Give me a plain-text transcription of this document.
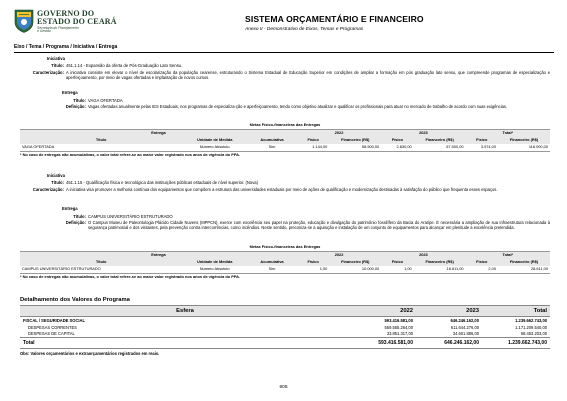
GOVERNO DO
ESTADO DO CEARÁ
Secretaria do Planejamento
e Gestão
SISTEMA ORÇAMENTÁRIO E FINANCEIRO
Anexo II - Demonstrativo de Eixos, Temas e Programas
Eixo / Tema / Programa / Iniciativa / Entrega
Iniciativa
Título: 451.1.14 - Expansão da oferta de Pós-Graduação Lato Sensu.
Caracterização: A iniciativa consiste em elevar o nível de escolarização da população cearense, estruturando o Sistema Estadual de Educação Superior em condições de ampliar a formação em pós graduação lato sensu, que compreende programas de especialização e aperfeiçoamento, por meio de vagas ofertadas e implantação de novos cursos.
Entrega
Título: VAGA OFERTADA
Definição: Vagas ofertadas anualmente pelas IES Estaduais, nos programas de especializa-ção e aperfeiçoamento, tendo como objetivo atualizar e qualificar os profissionais para atuar no mercado de trabalho de acordo com suas exigências.
Metas Físico-financeiras das Entregas
Entrega			2022		2023		Total*	
Título	Unidade de Medida	Acumulativa	Físico	Financeiro (R$)	Físico	Financeiro (R$)	Físico	Financeiro (R$)
VAGA OFERTADA	Numero Absoluto	Sim	1.144,00	58.500,00	2.830,00	57.500,00	3.974,00	116.000,00
* No caso de entregas não acumulativas, o valor total refere-se ao maior valor registrado nos anos de vigência do PPA.
Iniciativa
Título: 451.1.15 - Qualificação física e tecnológica das instituições públicas estaduais de nível superior. (Nova)
Caracterização: A iniciativa visa promover a melhoria contínua dos equipamentos que compõem a estrutura das universidades estaduais por meio de ações de qualificação e modernização destinadas à satisfação do público que frequenta esses espaços.
Entrega
Título: CAMPUS UNIVERSITÁRIO ESTRUTURADO
Definição: O Campus Museu de Paleontologia Plácido Cidade Nuvens (MPPCN), exerce com excelência seu papel na proteção, educação e divulgação do patrimônio fossilífero da Bacia do Araripe. É necessária a ampliação de sua infraestrutura relacionada à segurança patrimonial e dos visitantes, pela prevenção contra intercorrências, como incêndios. Neste sentido, preconiza-se a aquisição e instalação de um conjunto de equipamentos para alcançar em plenitude a excelência pretendida.
Metas Físico-financeiras das Entregas
Entrega			2022		2023		Total*	
Título	Unidade de Medida	Acumulativa	Físico	Financeiro (R$)	Físico	Financeiro (R$)	Físico	Financeiro (R$)
CAMPUS UNIVERSITÁRIO ESTRUTURADO	Numero Absoluto	Sim	1,00	10.000,00	1,00	18.611,00	2,00	28.611,00
* No caso de entregas não acumulativas, o valor total refere-se ao maior valor registrado nos anos de vigência do PPA.
Detalhamento dos Valores do Programa
Esfera	2022	2023	Total
FISCAL / SEGURIDADE SOCIAL	593.416.581,00	646.246.162,00	1.239.662.743,00
DESPESAS CORRENTES	559.565.264,00	611.644.276,00	1.171.209.540,00
DESPESAS DE CAPITAL	33.851.317,00	34.601.886,00	68.453.203,00
Total	593.416.581,00	646.246.162,00	1.239.662.743,00
Obs: Valores orçamentários e extraorçamentários registrados em reais.
605
